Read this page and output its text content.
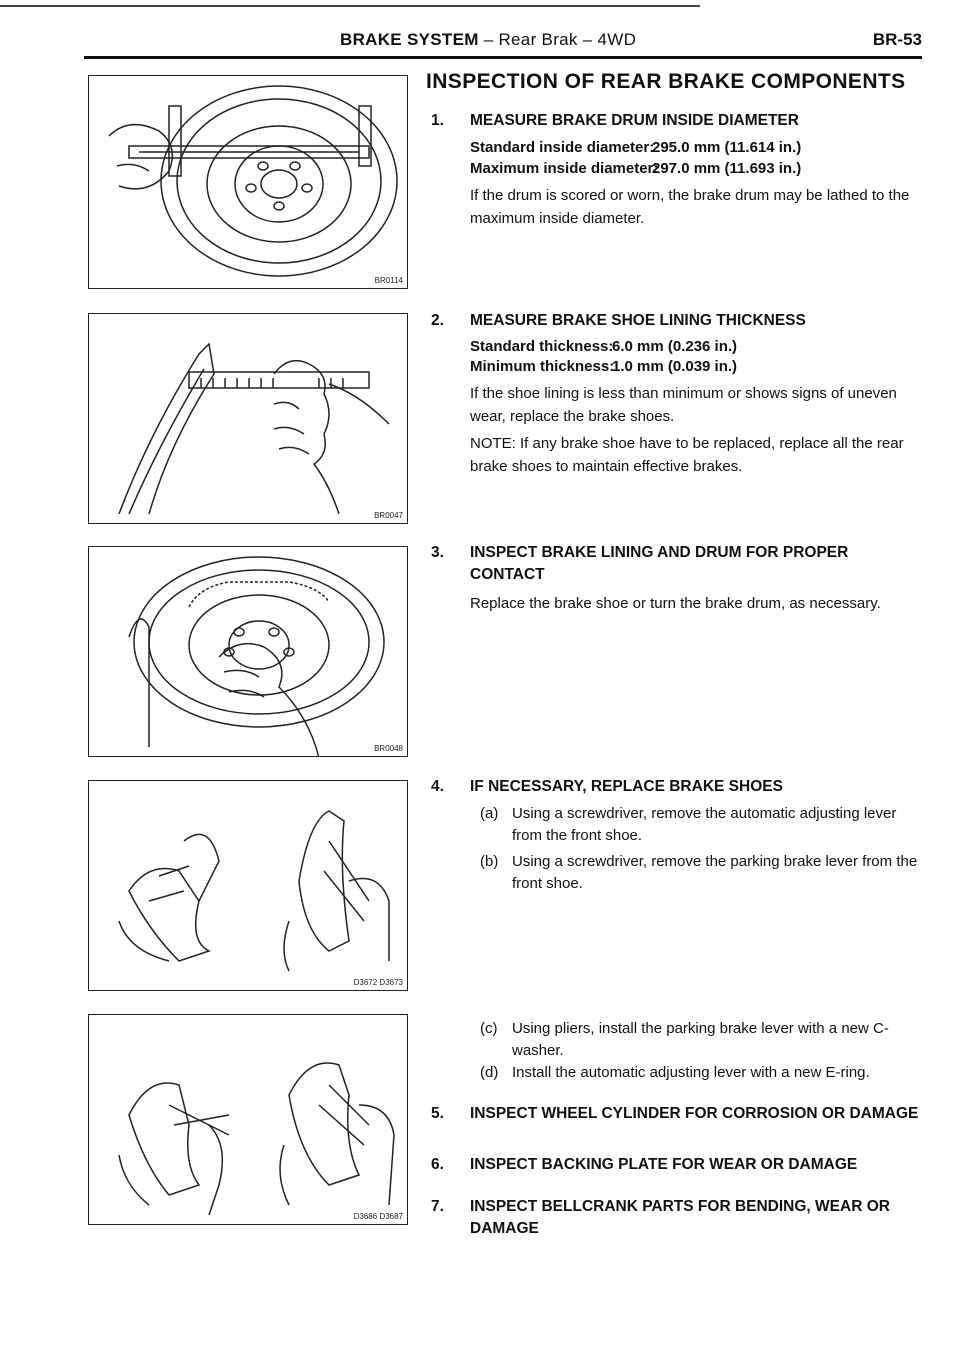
BRAKE SYSTEM – Rear Brak – 4WD	BR-53
BR0114
BR0047
BR0048
D3672 D3673
D3686 D3687
INSPECTION OF REAR BRAKE COMPONENTS
1. MEASURE BRAKE DRUM INSIDE DIAMETER
Standard inside diameter:
295.0 mm (11.614 in.)
Maximum inside diameter:
297.0 mm (11.693 in.)
If the drum is scored or worn, the brake drum may be lathed to the maximum inside diameter.
2. MEASURE BRAKE SHOE LINING THICKNESS
Standard thickness:
6.0 mm (0.236 in.)
Minimum thickness:
1.0 mm (0.039 in.)
If the shoe lining is less than minimum or shows signs of uneven wear, replace the brake shoes.
NOTE: If any brake shoe have to be replaced, replace all the rear brake shoes to maintain effective brakes.
3. INSPECT BRAKE LINING AND DRUM FOR PROPER CONTACT
Replace the brake shoe or turn the brake drum, as necessary.
4. IF NECESSARY, REPLACE BRAKE SHOES
(a) Using a screwdriver, remove the automatic adjusting lever from the front shoe.
(b) Using a screwdriver, remove the parking brake lever from the front shoe.
(c) Using pliers, install the parking brake lever with a new C-washer.
(d) Install the automatic adjusting lever with a new E-ring.
5. INSPECT WHEEL CYLINDER FOR CORROSION OR DAMAGE
6. INSPECT BACKING PLATE FOR WEAR OR DAMAGE
7. INSPECT BELLCRANK PARTS FOR BENDING, WEAR OR DAMAGE
